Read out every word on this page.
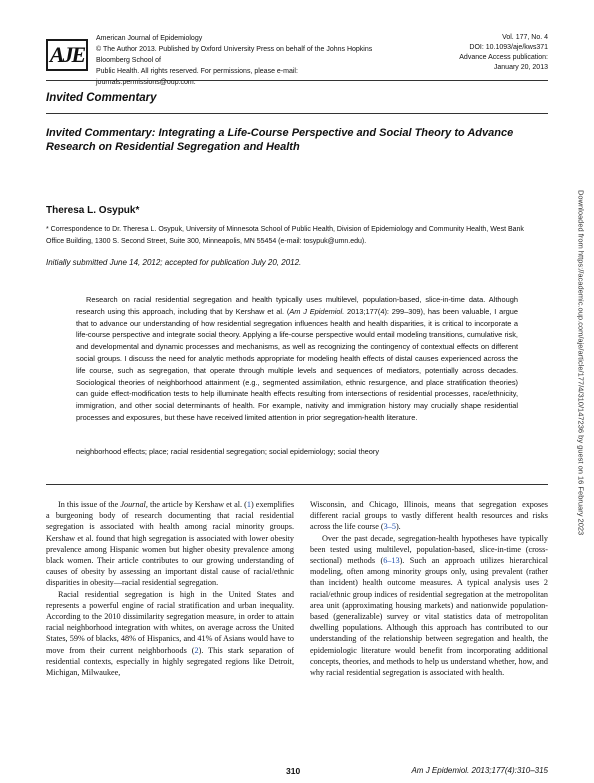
AJE
American Journal of Epidemiology
© The Author 2013. Published by Oxford University Press on behalf of the Johns Hopkins Bloomberg School of
Public Health. All rights reserved. For permissions, please e-mail: journals.permissions@oup.com.
Vol. 177, No. 4
DOI: 10.1093/aje/kws371
Advance Access publication:
January 20, 2013
Invited Commentary
Invited Commentary: Integrating a Life-Course Perspective and Social Theory to Advance Research on Residential Segregation and Health
Theresa L. Osypuk*
* Correspondence to Dr. Theresa L. Osypuk, University of Minnesota School of Public Health, Division of Epidemiology and Community Health, West Bank Office Building, 1300 S. Second Street, Suite 300, Minneapolis, MN 55454 (e-mail: tosypuk@umn.edu).
Initially submitted June 14, 2012; accepted for publication July 20, 2012.
Research on racial residential segregation and health typically uses multilevel, population-based, slice-in-time data. Although research using this approach, including that by Kershaw et al. (Am J Epidemiol. 2013;177(4): 299–309), has been valuable, I argue that to advance our understanding of how residential segregation influences health and health disparities, it is critical to incorporate a life-course perspective and integrate social theory. Applying a life-course perspective would entail modeling transitions, cumulative risk, and developmental and dynamic processes and mechanisms, as well as recognizing the contingency of contextual effects on different social groups. I discuss the need for analytic methods appropriate for modeling health effects of distal causes experienced across the life course, such as segregation, that operate through multiple levels and sequences of mediators, potentially across decades. Sociological theories of neighborhood attainment (e.g., segmented assimilation, ethnic resurgence, and place stratification theories) can guide effect-modification tests to help illuminate health effects resulting from intersections of residential processes, race/ethnicity, immigration, and other social determinants of health. For example, nativity and immigration history may crucially shape residential processes and exposures, but these have received limited attention in prior segregation-health literature.
neighborhood effects; place; racial residential segregation; social epidemiology; social theory

In this issue of the Journal, the article by Kershaw et al. (1) exemplifies a burgeoning body of research documenting that racial residential segregation is associated with health among racial minority groups. Kershaw et al. found that high segregation is associated with lower obesity prevalence among Hispanic women but higher obesity prevalence among black women. Their article contributes to our growing understanding of causes of obesity by assessing an important distal cause of racial/ethnic disparities in obesity—racial residential segregation.

Racial residential segregation is high in the United States and represents a powerful engine of racial stratification and urban inequality. According to the 2010 dissimilarity segregation measure, in order to attain racial neighborhood integration with whites, on average across the United States, 59% of blacks, 48% of Hispanics, and 41% of Asians would have to move from their current neighborhoods (2). This stark separation of residential contexts, especially in highly segregated regions like Detroit, Michigan, Milwaukee,

Wisconsin, and Chicago, Illinois, means that segregation exposes different racial groups to vastly different health resources and risks across the life course (3–5).

Over the past decade, segregation-health hypotheses have typically been tested using multilevel, population-based, slice-in-time (cross-sectional) methods (6–13). Such an approach utilizes hierarchical modeling, often among minority groups only, using prevalent (rather than incident) health outcome measures. A typical analysis uses 2 racial/ethnic group indices of residential segregation at the metropolitan area unit (approximating housing markets) and nationwide population-based (generalizable) survey or vital statistics data of metropolitan dwelling populations. Although this approach has contributed to our understanding of the relationship between segregation and health, the epidemiologic literature would benefit from incorporating additional concepts, theories, and methods to help us understand whether, how, and why racial residential segregation is associated with health.

310	Am J Epidemiol. 2013;177(4):310–315
Downloaded from https://academic.oup.com/aje/article/177/4/310/147236 by guest on 16 February 2023
